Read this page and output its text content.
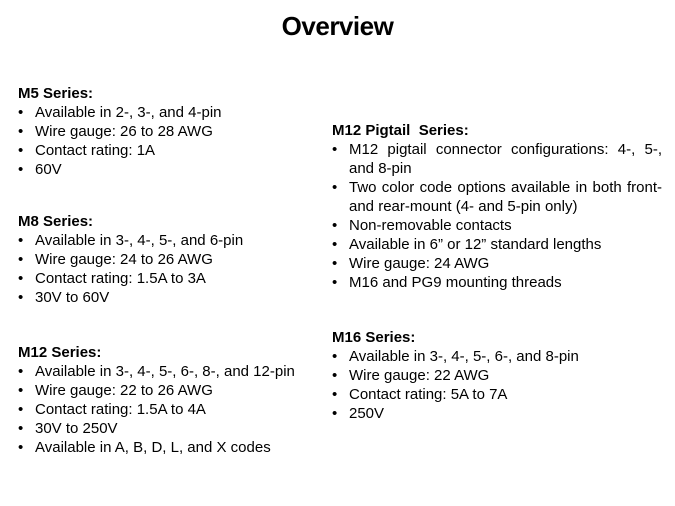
Overview
M5 Series:
• Available in 2-, 3-, and 4-pin
• Wire gauge: 26 to 28 AWG
• Contact rating: 1A
• 60V
M8 Series:
• Available in 3-, 4-, 5-, and 6-pin
• Wire gauge: 24 to 26 AWG
• Contact rating: 1.5A to 3A
• 30V to 60V
M12 Series:
• Available in 3-, 4-, 5-, 6-, 8-, and 12-pin
• Wire gauge: 22 to 26 AWG
• Contact rating: 1.5A to 4A
• 30V to 250V
• Available in A, B, D, L, and X codes
M12 Pigtail  Series:
• M12 pigtail connector configurations: 4-, 5-, and 8-pin
• Two color code options available in both front- and rear-mount (4- and 5-pin only)
• Non-removable contacts
• Available in 6” or 12” standard lengths
• Wire gauge: 24 AWG
• M16 and PG9 mounting threads
M16 Series:
• Available in 3-, 4-, 5-, 6-, and 8-pin
• Wire gauge: 22 AWG
• Contact rating: 5A to 7A
• 250V
